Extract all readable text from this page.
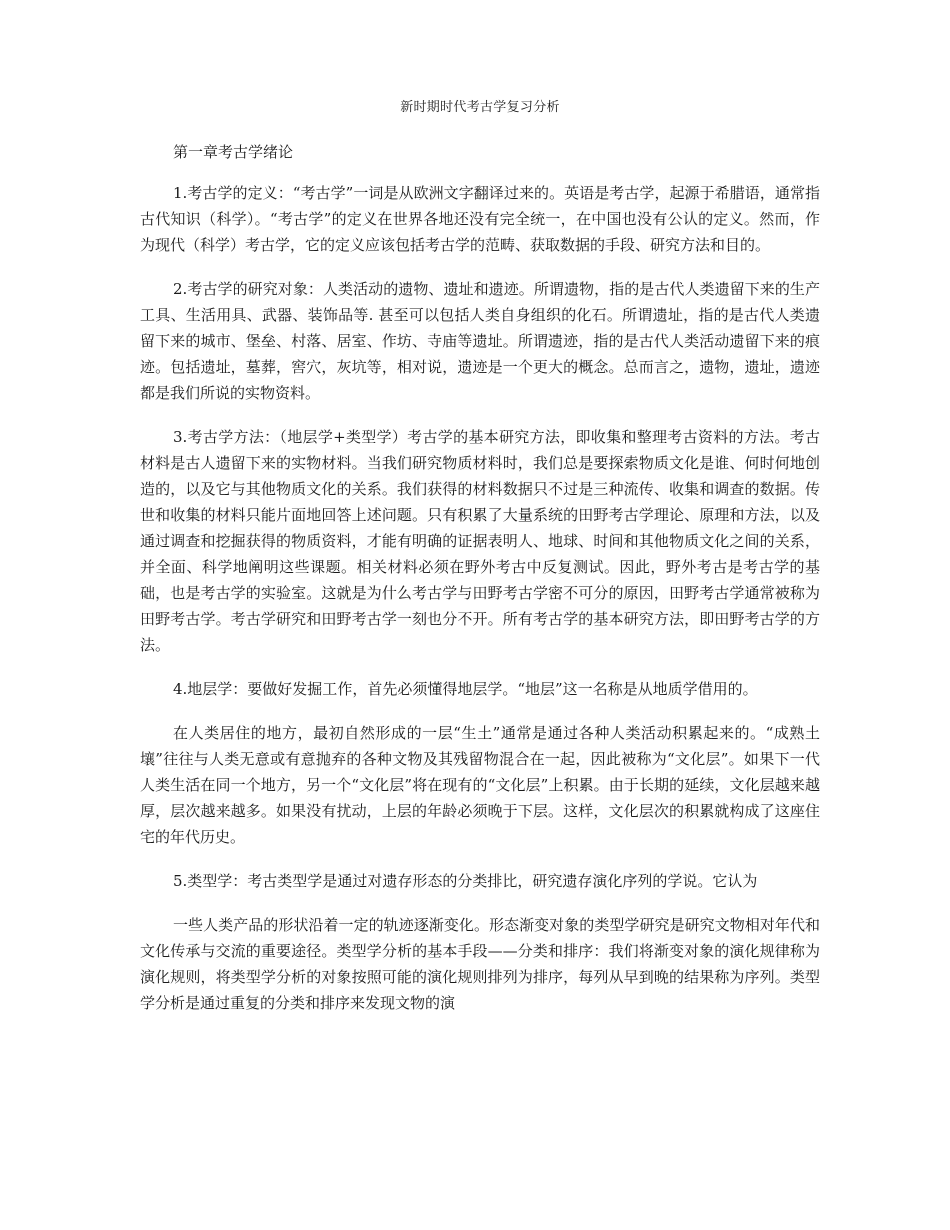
新时期时代考古学复习分析
第一章考古学绪论

1.考古学的定义：“考古学”一词是从欧洲文字翻译过来的。英语是考古学，起源于希腊语，通常指古代知识（科学）。“考古学”的定义在世界各地还没有完全统一，在中国也没有公认的定义。然而，作为现代（科学）考古学，它的定义应该包括考古学的范畴、获取数据的手段、研究方法和目的。

2.考古学的研究对象：人类活动的遗物、遗址和遗迹。所谓遗物，指的是古代人类遗留下来的生产工具、生活用具、武器、装饰品等. 甚至可以包括人类自身组织的化石。所谓遗址，指的是古代人类遗留下来的城市、堡垒、村落、居室、作坊、寺庙等遗址。所谓遗迹，指的是古代人类活动遗留下来的痕迹。包括遗址，墓葬，窖穴，灰坑等，相对说，遗迹是一个更大的概念。总而言之，遗物，遗址，遗迹都是我们所说的实物资料。

3.考古学方法：（地层学+类型学）考古学的基本研究方法，即收集和整理考古资料的方法。考古材料是古人遗留下来的实物材料。当我们研究物质材料时，我们总是要探索物质文化是谁、何时何地创造的，以及它与其他物质文化的关系。我们获得的材料数据只不过是三种流传、收集和调查的数据。传世和收集的材料只能片面地回答上述问题。只有积累了大量系统的田野考古学理论、原理和方法，以及通过调查和挖掘获得的物质资料，才能有明确的证据表明人、地球、时间和其他物质文化之间的关系，并全面、科学地阐明这些课题。相关材料必须在野外考古中反复测试。因此，野外考古是考古学的基础，也是考古学的实验室。这就是为什么考古学与田野考古学密不可分的原因，田野考古学通常被称为田野考古学。考古学研究和田野考古学一刻也分不开。所有考古学的基本研究方法，即田野考古学的方法。

4.地层学：要做好发掘工作，首先必须懂得地层学。“地层”这一名称是从地质学借用的。

在人类居住的地方，最初自然形成的一层“生土”通常是通过各种人类活动积累起来的。“成熟土壤”往往与人类无意或有意抛弃的各种文物及其残留物混合在一起，因此被称为“文化层”。如果下一代人类生活在同一个地方，另一个“文化层”将在现有的“文化层”上积累。由于长期的延续，文化层越来越厚，层次越来越多。如果没有扰动，上层的年龄必须晚于下层。这样，文化层次的积累就构成了这座住宅的年代历史。

5.类型学：考古类型学是通过对遗存形态的分类排比，研究遗存演化序列的学说。它认为

一些人类产品的形状沿着一定的轨迹逐渐变化。形态渐变对象的类型学研究是研究文物相对年代和文化传承与交流的重要途径。类型学分析的基本手段——分类和排序：我们将渐变对象的演化规律称为演化规则，将类型学分析的对象按照可能的演化规则排列为排序，每列从早到晚的结果称为序列。类型学分析是通过重复的分类和排序来发现文物的演
